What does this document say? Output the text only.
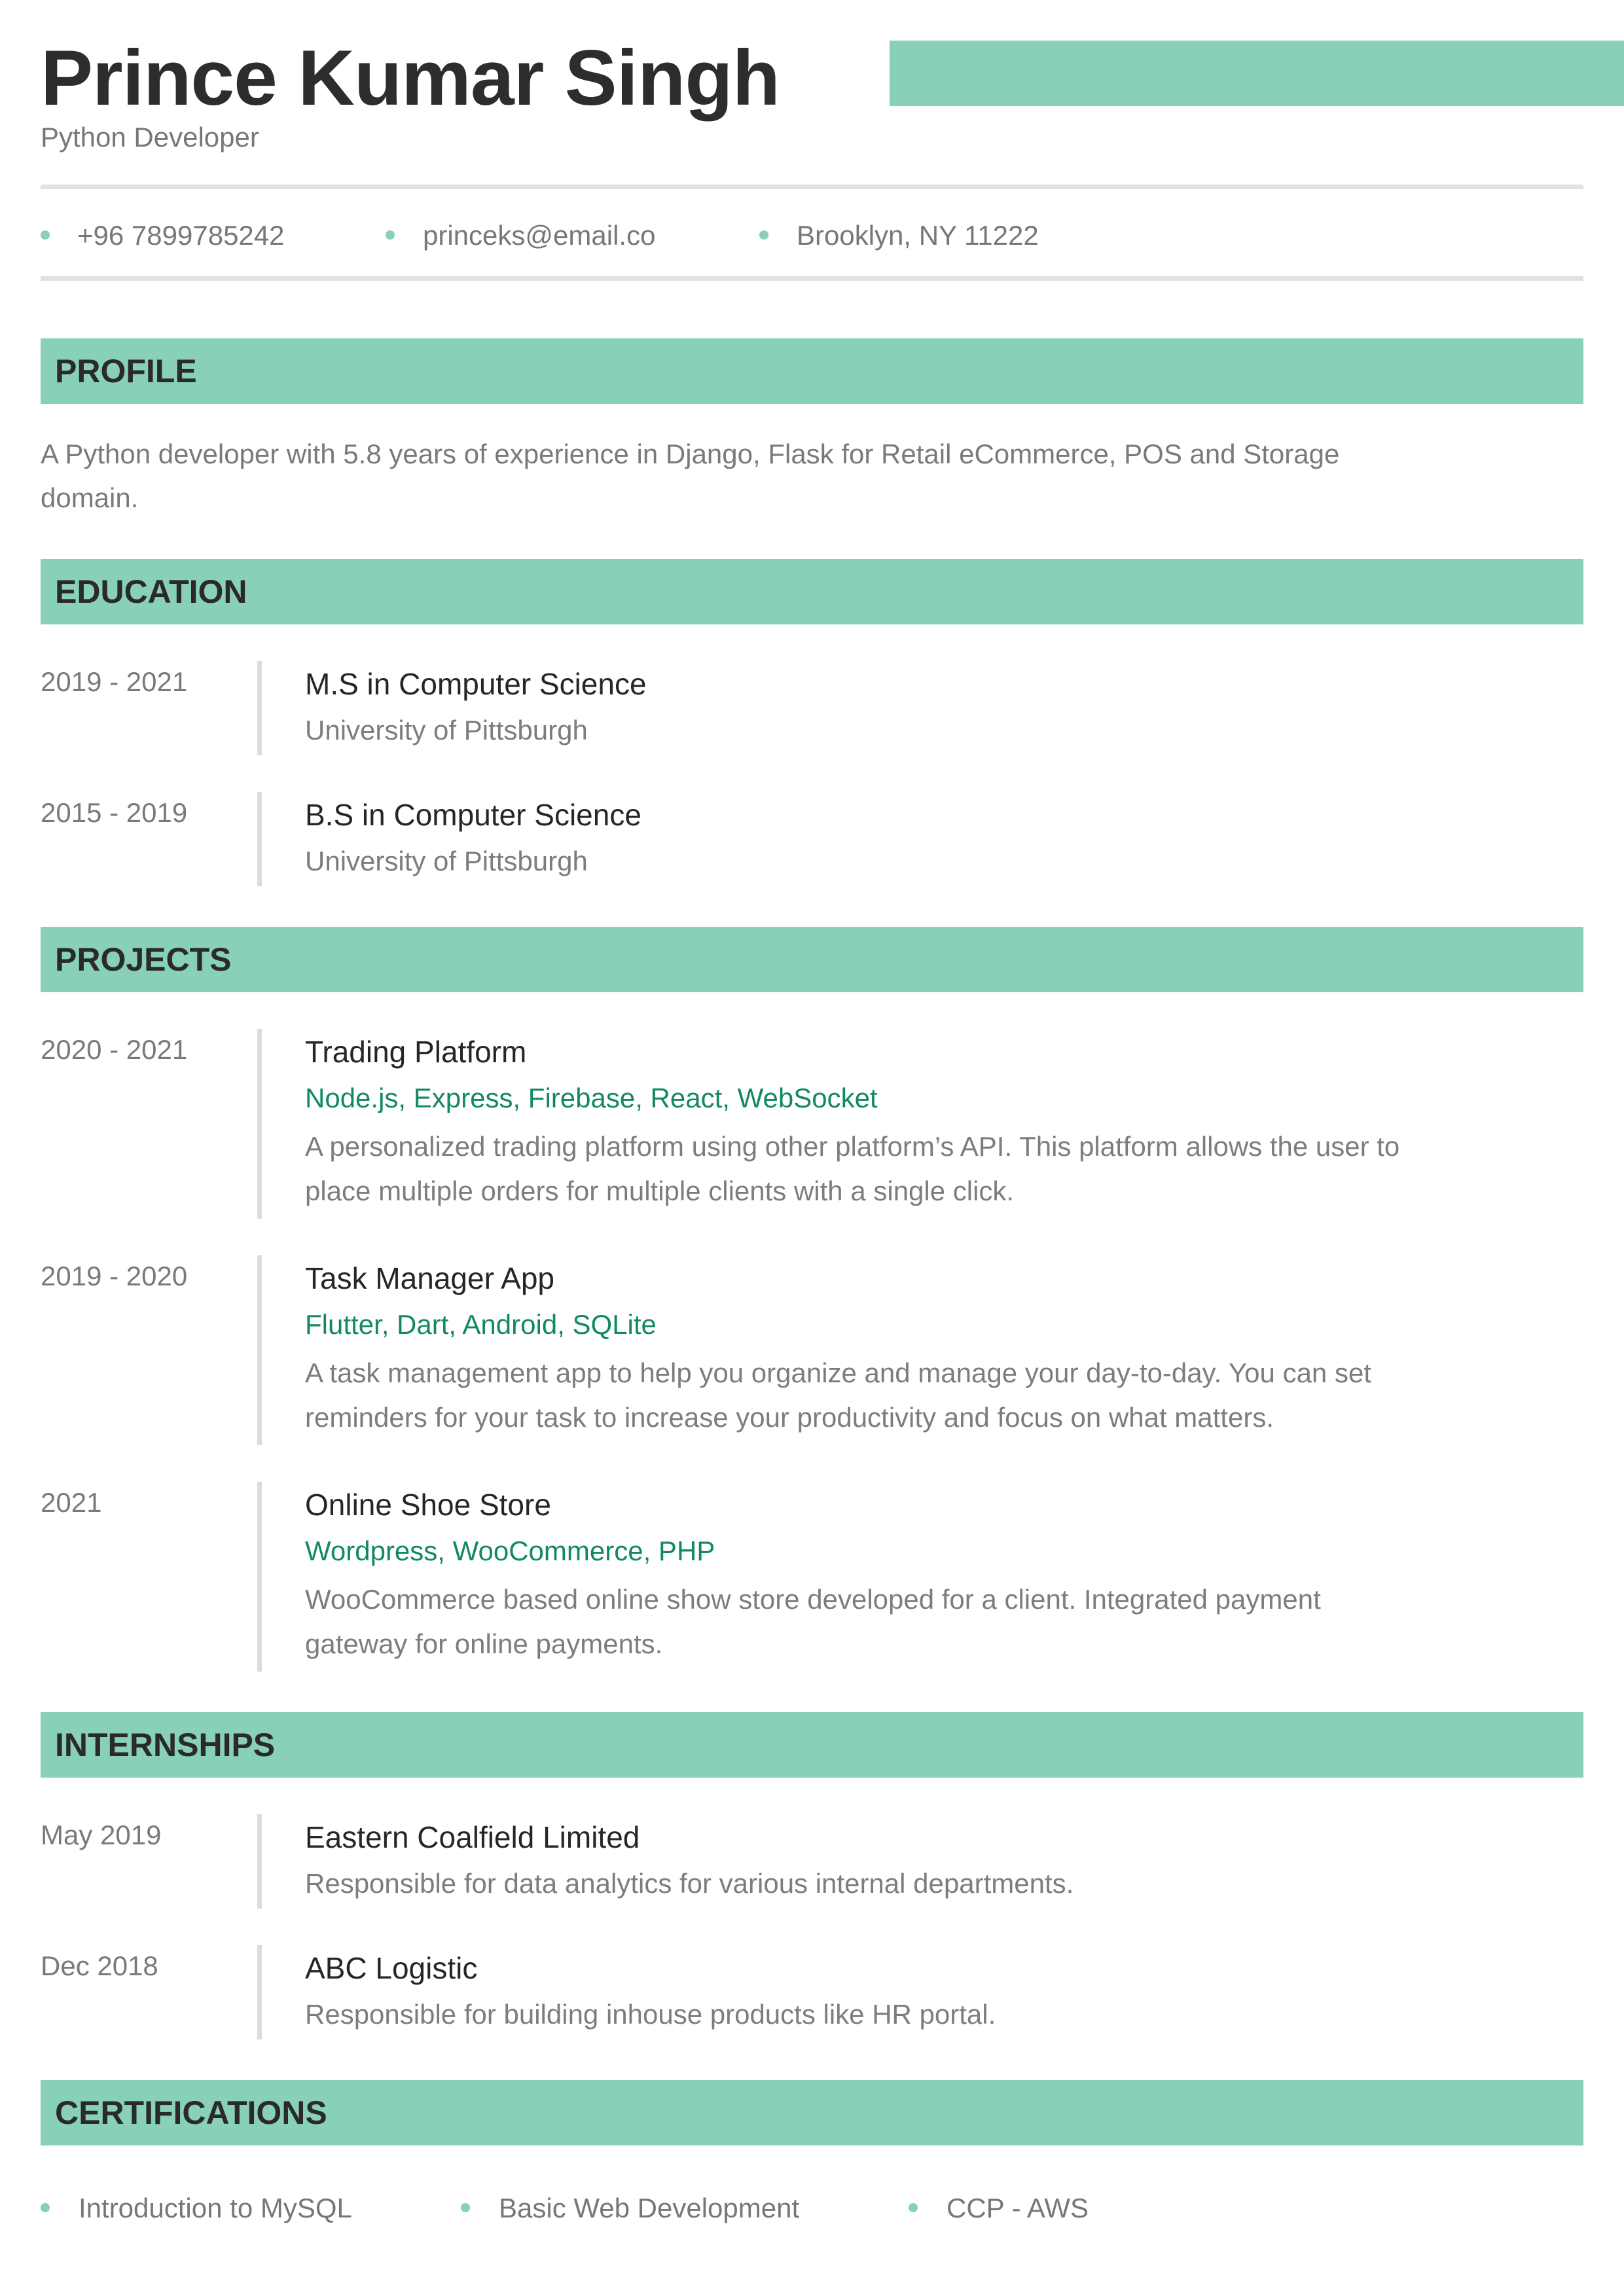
Prince Kumar Singh
Python Developer
+96 7899785242	princeks@email.co	Brooklyn, NY 11222
PROFILE
A Python developer with 5.8 years of experience in Django, Flask for Retail eCommerce, POS and Storage domain.
EDUCATION
2019 - 2021	M.S in Computer Science
University of Pittsburgh
2015 - 2019	B.S in Computer Science
University of Pittsburgh
PROJECTS
2020 - 2021	Trading Platform
Node.js, Express, Firebase, React, WebSocket
A personalized trading platform using other platform’s API. This platform allows the user to place multiple orders for multiple clients with a single click.
2019 - 2020	Task Manager App
Flutter, Dart, Android, SQLite
A task management app to help you organize and manage your day-to-day. You can set reminders for your task to increase your productivity and focus on what matters.
2021	Online Shoe Store
Wordpress, WooCommerce, PHP
WooCommerce based online show store developed for a client. Integrated payment gateway for online payments.
INTERNSHIPS
May 2019	Eastern Coalfield Limited
Responsible for data analytics for various internal departments.
Dec 2018	ABC Logistic
Responsible for building inhouse products like HR portal.
CERTIFICATIONS
Introduction to MySQL	Basic Web Development	CCP - AWS
